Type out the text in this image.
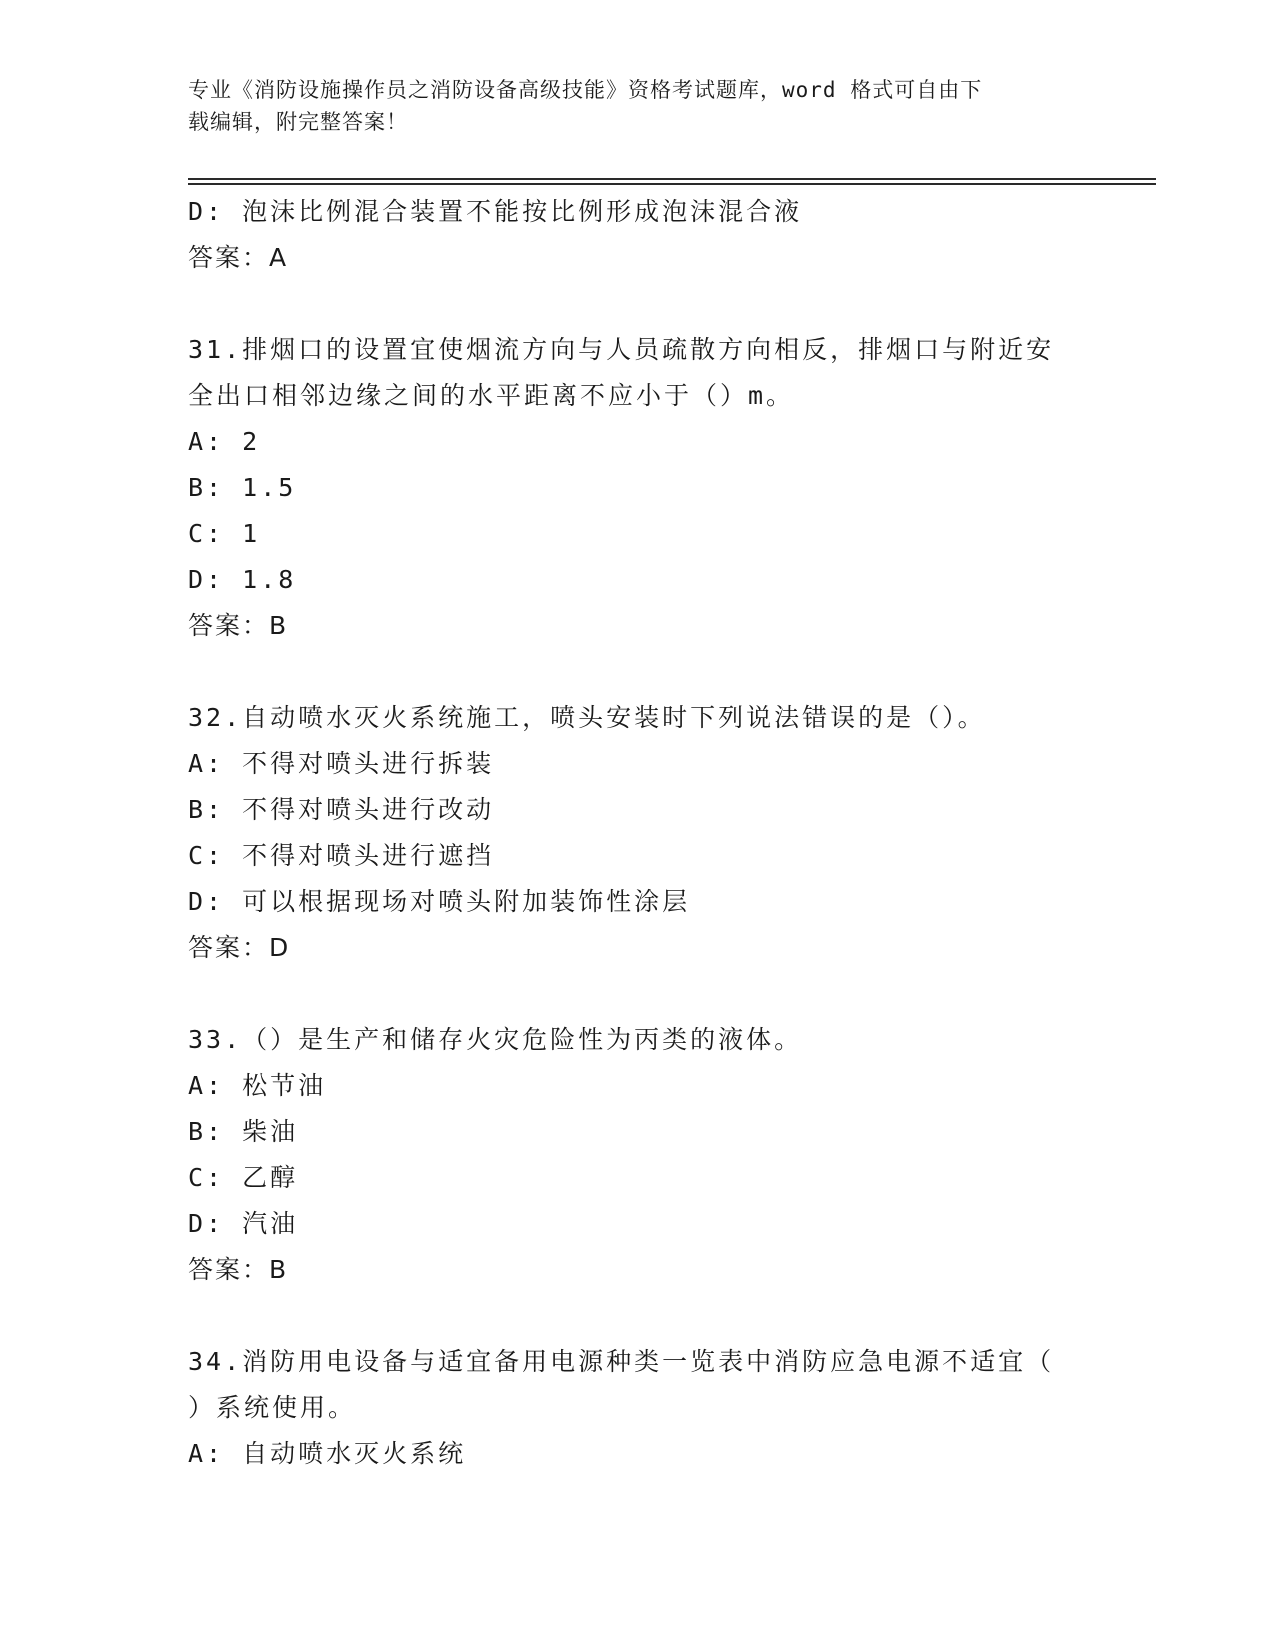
专业《消防设施操作员之消防设备高级技能》资格考试题库，word 格式可自由下
载编辑，附完整答案！
D: 泡沫比例混合装置不能按比例形成泡沫混合液
答案：A
31.排烟口的设置宜使烟流方向与人员疏散方向相反，排烟口与附近安
全出口相邻边缘之间的水平距离不应小于（）m。
A: 2
B: 1.5
C: 1
D: 1.8
答案：B
32.自动喷水灭火系统施工，喷头安装时下列说法错误的是（）。
A: 不得对喷头进行拆装
B: 不得对喷头进行改动
C: 不得对喷头进行遮挡
D: 可以根据现场对喷头附加装饰性涂层
答案：D
33.（）是生产和储存火灾危险性为丙类的液体。
A: 松节油
B: 柴油
C: 乙醇
D: 汽油
答案：B
34.消防用电设备与适宜备用电源种类一览表中消防应急电源不适宜（
）系统使用。
A: 自动喷水灭火系统
